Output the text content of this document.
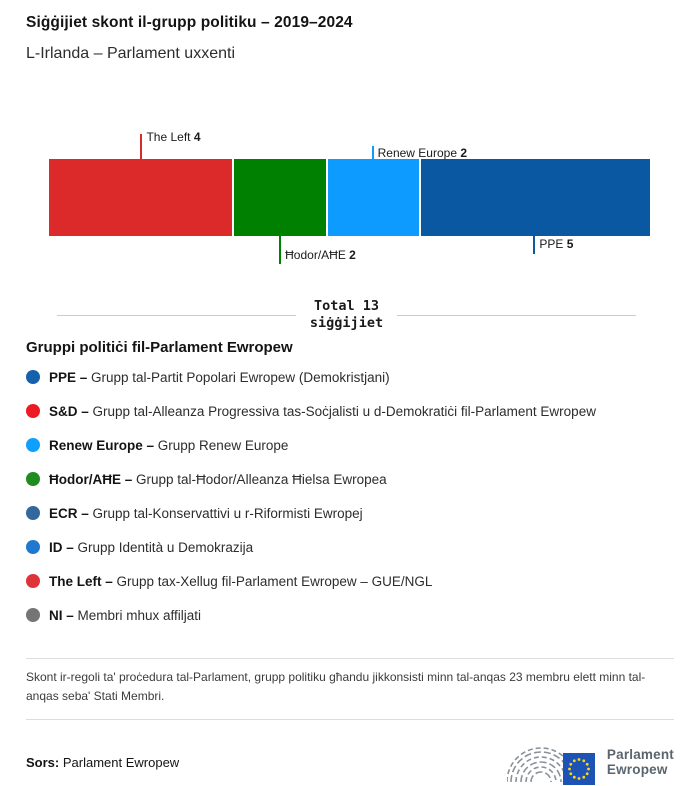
Siġġijiet skont il-grupp politiku – 2019–2024
L-Irlanda – Parlament uxxenti
The Left 4
Ħodor/AĦE 2
Renew Europe 2
PPE 5
Total 13
siġġijiet
Gruppi politiċi fil-Parlament Ewropew
PPE – Grupp tal-Partit Popolari Ewropew (Demokristjani)
S&D – Grupp tal-Alleanza Progressiva tas-Soċjalisti u d-Demokratiċi fil-Parlament Ewropew
Renew Europe – Grupp Renew Europe
Ħodor/AĦE – Grupp tal-Ħodor/Alleanza Ħielsa Ewropea
ECR – Grupp tal-Konservattivi u r-Riformisti Ewropej
ID – Grupp Identità u Demokrazija
The Left – Grupp tax-Xellug fil-Parlament Ewropew – GUE/NGL
NI – Membri mhux affiljati
Skont ir-regoli ta' proċedura tal-Parlament, grupp politiku għandu jikkonsisti minn tal-anqas 23 membru elett minn tal-anqas seba' Stati Membri.
Sors: Parlament Ewropew	Parlament
Ewropew
